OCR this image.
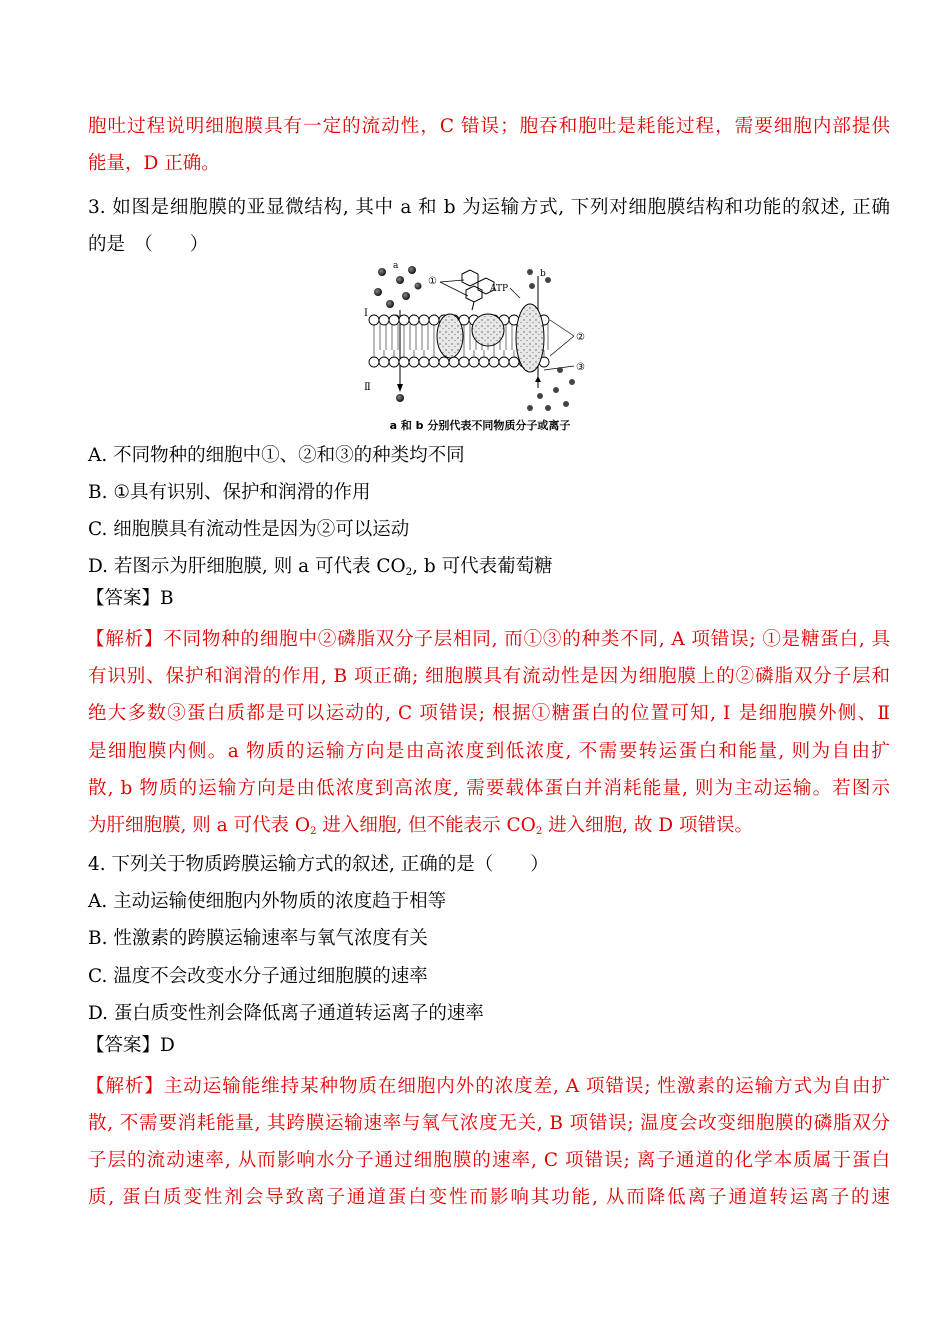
胞吐过程说明细胞膜具有一定的流动性，C 错误；胞吞和胞吐是耗能过程，需要细胞内部提供
能量，D 正确。
3. 如图是细胞膜的亚显微结构, 其中 a 和 b 为运输方式, 下列对细胞膜结构和功能的叙述, 正确
的是　（　　）
a
①
ATP
b
Ⅰ
Ⅱ
②
③
a 和 b 分别代表不同物质分子或离子
A. 不同物种的细胞中①、②和③的种类均不同
B. ①具有识别、保护和润滑的作用
C. 细胞膜具有流动性是因为②可以运动
D. 若图示为肝细胞膜, 则 a 可代表 $CO_2$, b 可代表葡萄糖
【答案】B
【解析】不同物种的细胞中②磷脂双分子层相同, 而①③的种类不同, A 项错误; ①是糖蛋白, 具
有识别、保护和润滑的作用, B 项正确; 细胞膜具有流动性是因为细胞膜上的②磷脂双分子层和
绝大多数③蛋白质都是可以运动的, C 项错误; 根据①糖蛋白的位置可知, Ⅰ 是细胞膜外侧、Ⅱ
是细胞膜内侧。a 物质的运输方向是由高浓度到低浓度, 不需要转运蛋白和能量, 则为自由扩
散, b 物质的运输方向是由低浓度到高浓度, 需要载体蛋白并消耗能量, 则为主动运输。若图示
为肝细胞膜, 则 a 可代表 $O_2$ 进入细胞, 但不能表示 $CO_2$ 进入细胞, 故 D 项错误。
4. 下列关于物质跨膜运输方式的叙述, 正确的是（　　）
A. 主动运输使细胞内外物质的浓度趋于相等
B. 性激素的跨膜运输速率与氧气浓度有关
C. 温度不会改变水分子通过细胞膜的速率
D. 蛋白质变性剂会降低离子通道转运离子的速率
【答案】D
【解析】主动运输能维持某种物质在细胞内外的浓度差, A 项错误; 性激素的运输方式为自由扩
散, 不需要消耗能量, 其跨膜运输速率与氧气浓度无关, B 项错误; 温度会改变细胞膜的磷脂双分
子层的流动速率, 从而影响水分子通过细胞膜的速率, C 项错误; 离子通道的化学本质属于蛋白
质, 蛋白质变性剂会导致离子通道蛋白变性而影响其功能, 从而降低离子通道转运离子的速
